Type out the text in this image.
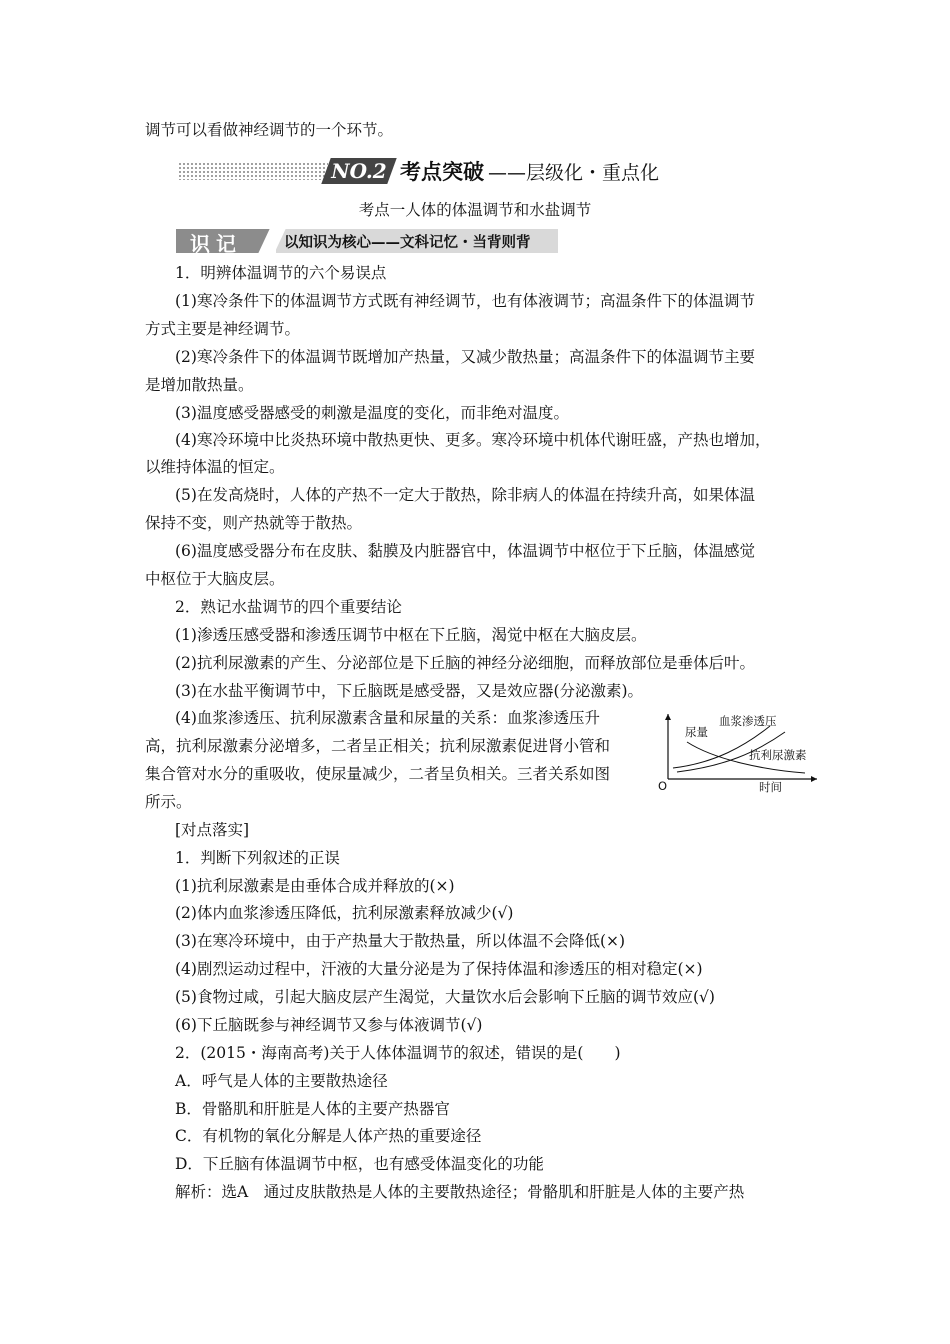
调节可以看做神经调节的一个环节。
NO.2 考点突破 ——层级化・重点化
考点一人体的体温调节和水盐调节
识记	以知识为核心——文科记忆・当背则背
1．明辨体温调节的六个易误点
(1)寒冷条件下的体温调节方式既有神经调节，也有体液调节；高温条件下的体温调节
方式主要是神经调节。
(2)寒冷条件下的体温调节既增加产热量，又减少散热量；高温条件下的体温调节主要
是增加散热量。
(3)温度感受器感受的刺激是温度的变化，而非绝对温度。
(4)寒冷环境中比炎热环境中散热更快、更多。寒冷环境中机体代谢旺盛，产热也增加，
以维持体温的恒定。
(5)在发高烧时，人体的产热不一定大于散热，除非病人的体温在持续升高，如果体温
保持不变，则产热就等于散热。
(6)温度感受器分布在皮肤、黏膜及内脏器官中，体温调节中枢位于下丘脑，体温感觉
中枢位于大脑皮层。
2．熟记水盐调节的四个重要结论
(1)渗透压感受器和渗透压调节中枢在下丘脑，渴觉中枢在大脑皮层。
(2)抗利尿激素的产生、分泌部位是下丘脑的神经分泌细胞，而释放部位是垂体后叶。
(3)在水盐平衡调节中，下丘脑既是感受器，又是效应器(分泌激素)。
(4)血浆渗透压、抗利尿激素含量和尿量的关系：血浆渗透压升
高，抗利尿激素分泌增多，二者呈正相关；抗利尿激素促进肾小管和
集合管对水分的重吸收，使尿量减少，二者呈负相关。三者关系如图
所示。
[对点落实]
1．判断下列叙述的正误
(1)抗利尿激素是由垂体合成并释放的(×)
(2)体内血浆渗透压降低，抗利尿激素释放减少(√)
(3)在寒冷环境中，由于产热量大于散热量，所以体温不会降低(×)
(4)剧烈运动过程中，汗液的大量分泌是为了保持体温和渗透压的相对稳定(×)
(5)食物过咸，引起大脑皮层产生渴觉，大量饮水后会影响下丘脑的调节效应(√)
(6)下丘脑既参与神经调节又参与体液调节(√)
2．(2015・海南高考)关于人体体温调节的叙述，错误的是(　　)
A．呼气是人体的主要散热途径
B．骨骼肌和肝脏是人体的主要产热器官
C．有机物的氧化分解是人体产热的重要途径
D．下丘脑有体温调节中枢，也有感受体温变化的功能
解析：选A　通过皮肤散热是人体的主要散热途径；骨骼肌和肝脏是人体的主要产热
尿量
血浆渗透压
抗利尿激素
O	时间
